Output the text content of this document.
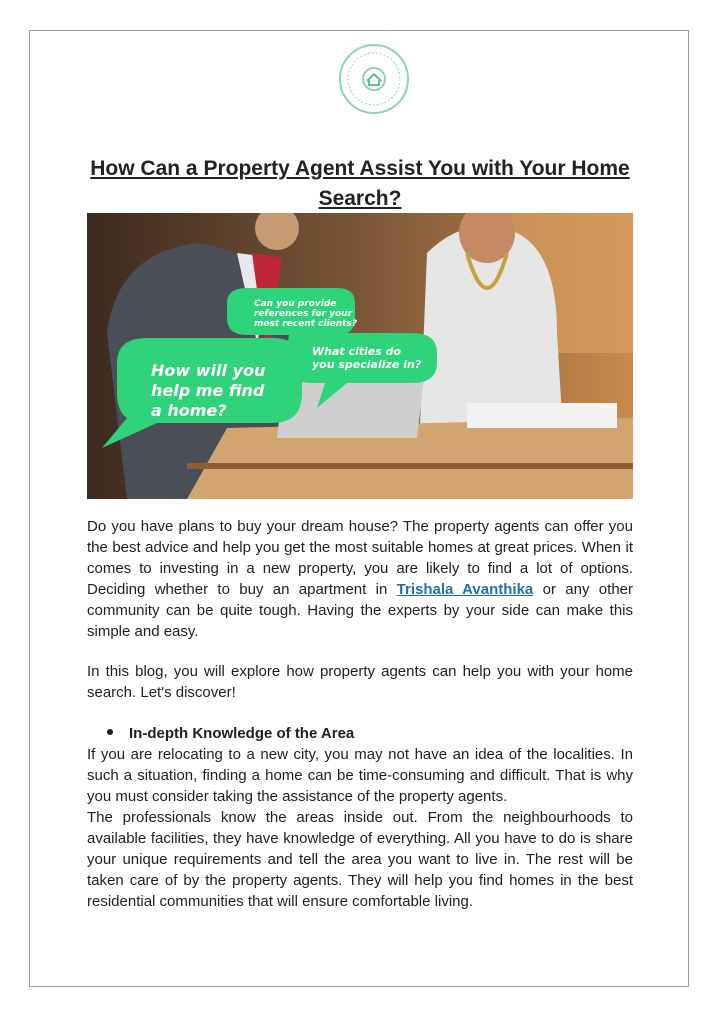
How Can a Property Agent Assist You with Your Home Search?
How will you
help me find
a home?
Can you provide
references for your
most recent clients?
What cities do
you specialize in?
Do you have plans to buy your dream house? The property agents can offer you the best advice and help you get the most suitable homes at great prices. When it comes to investing in a new property, you are likely to find a lot of options. Deciding whether to buy an apartment in Trishala Avanthika or any other community can be quite tough. Having the experts by your side can make this simple and easy.
In this blog, you will explore how property agents can help you with your home search. Let's discover!
In-depth Knowledge of the Area
If you are relocating to a new city, you may not have an idea of the localities. In such a situation, finding a home can be time-consuming and difficult. That is why you must consider taking the assistance of the property agents.
The professionals know the areas inside out. From the neighbourhoods to available facilities, they have knowledge of everything. All you have to do is share your unique requirements and tell the area you want to live in. The rest will be taken care of by the property agents. They will help you find homes in the best residential communities that will ensure comfortable living.
